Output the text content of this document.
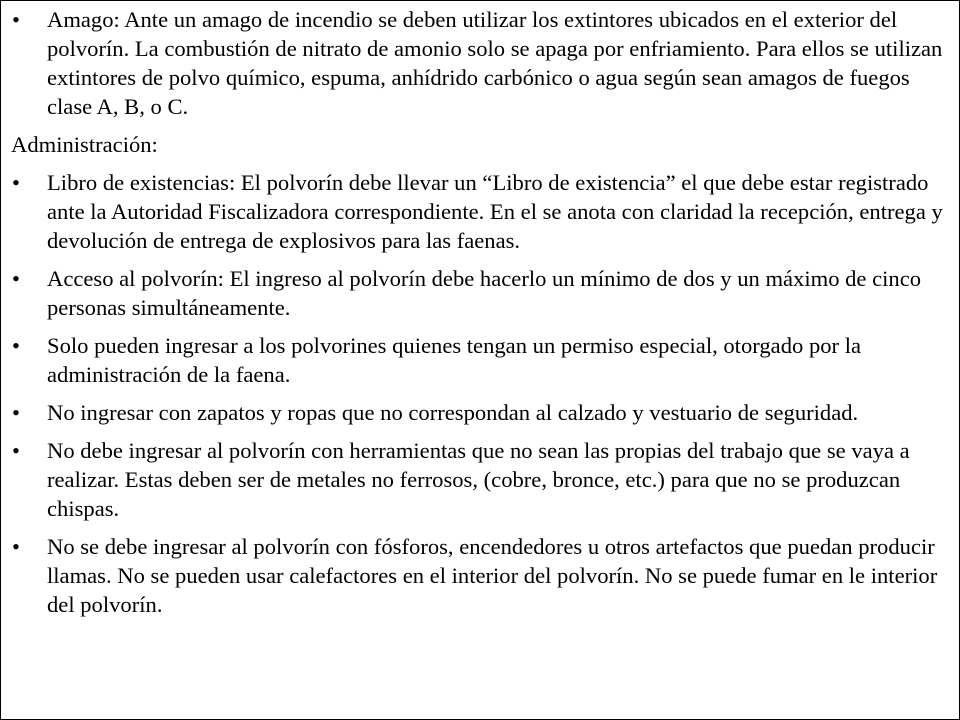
•	Amago: Ante un amago de incendio se deben utilizar los extintores ubicados en el exterior del polvorín. La combustión de nitrato de amonio solo se apaga por enfriamiento. Para ellos se utilizan extintores de polvo químico, espuma, anhídrido carbónico o agua según sean amagos de fuegos clase A, B, o C.
Administración:
•	Libro de existencias: El polvorín debe llevar un “Libro de existencia” el que debe estar registrado ante la Autoridad Fiscalizadora correspondiente. En el se anota con claridad la recepción, entrega y devolución de entrega de explosivos para las faenas.
•	Acceso al polvorín: El ingreso al polvorín debe hacerlo un mínimo de dos y un máximo de cinco personas simultáneamente.
•	Solo pueden ingresar a los polvorines quienes tengan un permiso especial, otorgado por la administración de la faena.
•	No ingresar con zapatos y ropas que no correspondan al calzado y vestuario de seguridad.
•	No debe ingresar al polvorín con herramientas que no sean las propias del trabajo que se vaya a realizar. Estas deben ser de metales no ferrosos, (cobre, bronce, etc.) para que no se produzcan chispas.
•	No se debe ingresar al polvorín con fósforos, encendedores u otros artefactos que puedan producir llamas. No se pueden usar calefactores en el interior del polvorín. No se puede fumar en le interior del polvorín.
